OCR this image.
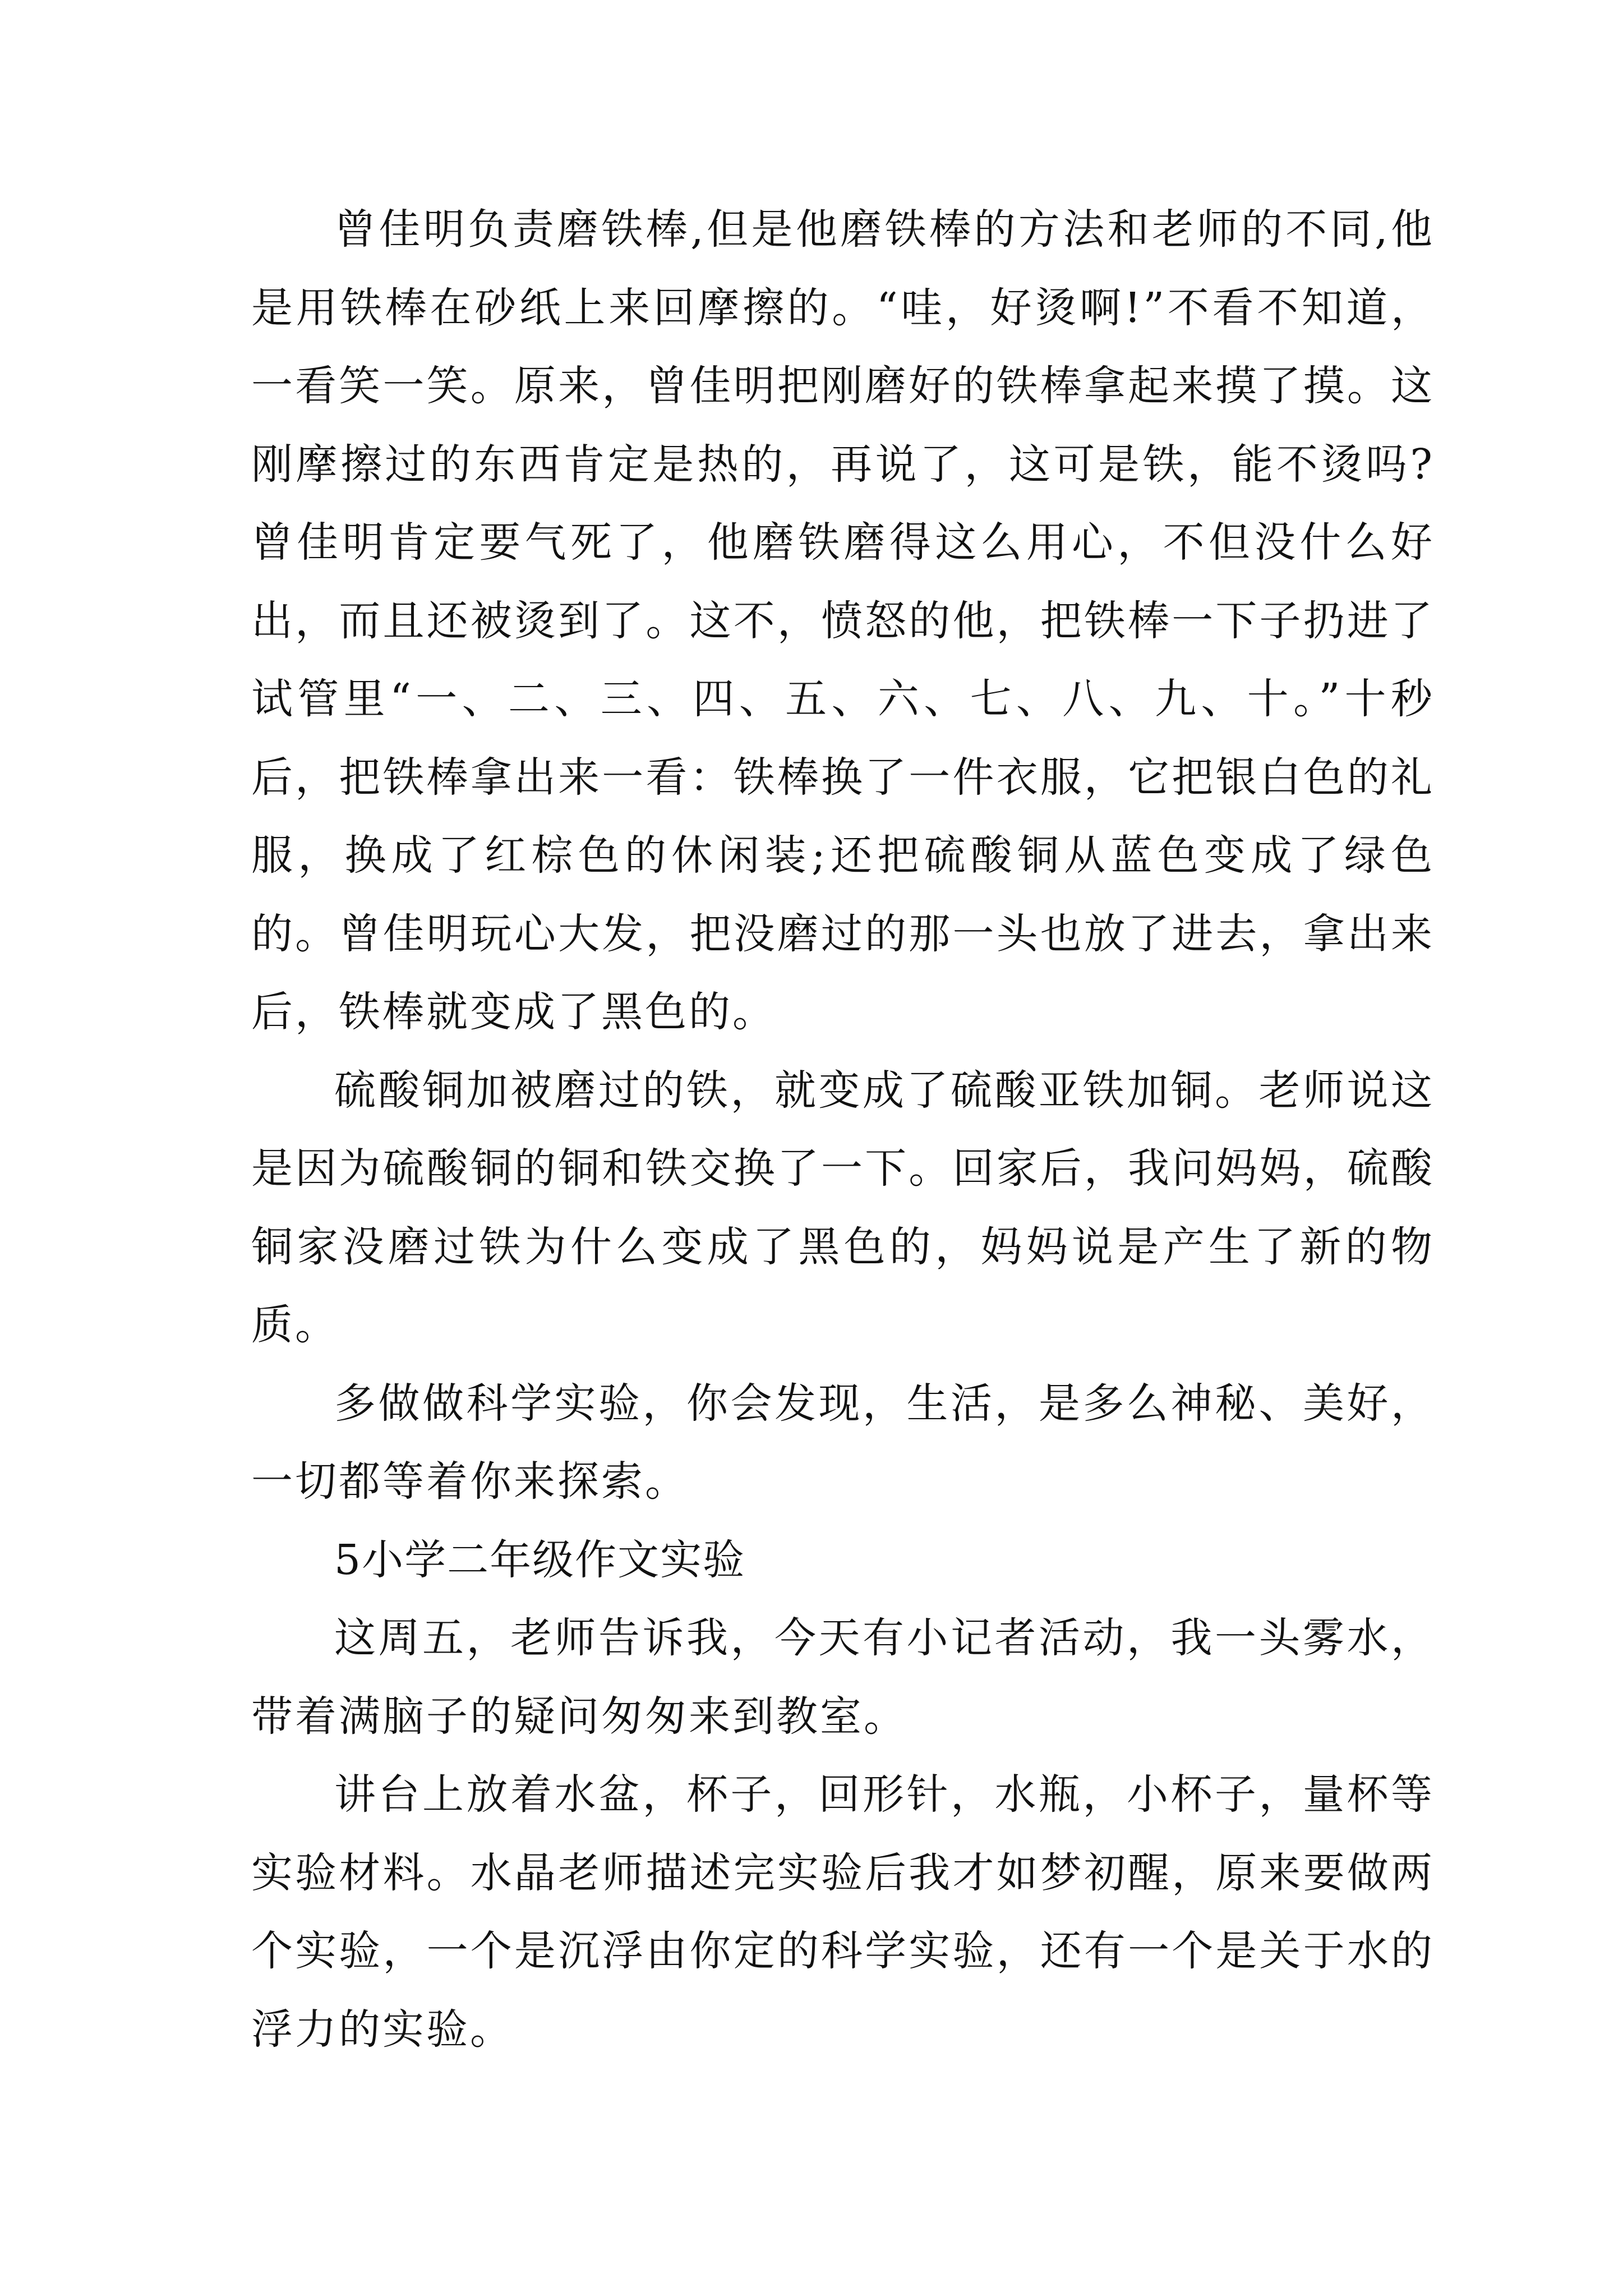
曾佳明负责磨铁棒,但是他磨铁棒的方法和老师的不同,他是用铁棒在砂纸上来回摩擦的。“哇，好烫啊!”不看不知道，一看笑一笑。原来，曾佳明把刚磨好的铁棒拿起来摸了摸。这刚摩擦过的东西肯定是热的，再说了，这可是铁，能不烫吗?曾佳明肯定要气死了，他磨铁磨得这么用心，不但没什么好出，而且还被烫到了。这不，愤怒的他，把铁棒一下子扔进了试管里“一、二、三、四、五、六、七、八、九、十。”十秒后，把铁棒拿出来一看：铁棒换了一件衣服，它把银白色的礼服，换成了红棕色的休闲装;还把硫酸铜从蓝色变成了绿色的。曾佳明玩心大发，把没磨过的那一头也放了进去，拿出来后，铁棒就变成了黑色的。

硫酸铜加被磨过的铁，就变成了硫酸亚铁加铜。老师说这是因为硫酸铜的铜和铁交换了一下。回家后，我问妈妈，硫酸铜家没磨过铁为什么变成了黑色的，妈妈说是产生了新的物质。

多做做科学实验，你会发现，生活，是多么神秘、美好，一切都等着你来探索。

5小学二年级作文实验

这周五，老师告诉我，今天有小记者活动，我一头雾水，带着满脑子的疑问匆匆来到教室。

讲台上放着水盆，杯子，回形针，水瓶，小杯子，量杯等实验材料。水晶老师描述完实验后我才如梦初醒，原来要做两个实验，一个是沉浮由你定的科学实验，还有一个是关于水的浮力的实验。
